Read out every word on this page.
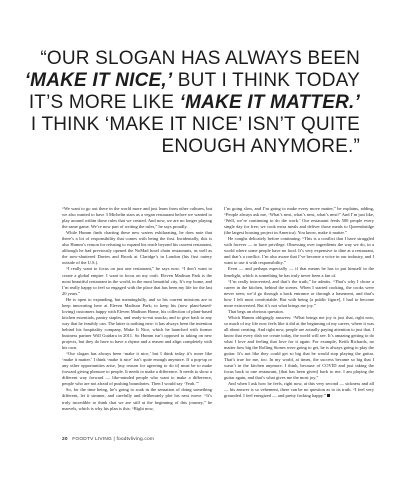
“OUR SLOGAN HAS ALWAYS BEEN
‘MAKE IT NICE,’ BUT I THINK TODAY
IT’S MORE LIKE ‘MAKE IT MATTER.’
I THINK ‘MAKE IT NICE’ ISN’T QUITE
ENOUGH ANYMORE.”

“We want to go out there in the world more and just learn from other cultures, but we also wanted to have 3 Michelin stars as a vegan restaurant before we wanted to play around within those rules that we created. And now, we are no longer playing the same game. We’re now part of writing the rules,” he says proudly.

While Humm finds charting these new waters exhilarating, he does note that there’s a lot of responsibility that comes with being the first. Incidentally, this is also Humm’s reason for refusing to expand his reach beyond his current restaurant, although he had previously opened the NoMad hotel chain restaurants, as well as the now-shuttered Davies and Brook at Claridge’s in London (his first outery outside of the U.S.).

“I really want to focus on just one restaurant,” he says now. “I don’t want to create a global empire. I want to focus on my craft. Eleven Madison Park is the most beautiful restaurant in the world, in the most beautiful city. It’s my home, and I’m really happy to feel so engaged with the place that has been my life for the last 20 years.”

He is open to expanding, but meaningfully, and so his current missions are to keep innovating here at Eleven Madison Park; to keep his (now plant-based-loving) customers happy with Eleven Madison Home, his collection of plant-based kitchen essentials, pantry staples, and ready-to-eat snacks; and to give back to any way that he feasibly can. The latter is nothing new: it has always been the intention behind his hospitality company, Make It Nice, which he launched with former business partner Will Guidara in 2011. So Humm isn’t opposed to taking on new projects, but they do have to have a rhyme and a reason and align completely with his own.

“Our slogan has always been ‘make it nice,’ but I think today it’s more like ‘make it matter.’ I think ‘make it nice’ isn’t quite enough anymore. If a pop-up or any other opportunities arise, [my reason for agreeing to do it] must be to make forward giving pleasure to people. It needs to make a difference. It needs to show a different way forward — like-minded people who want to make a difference, people who are not afraid of pushing boundaries. Then I would say ‘Yeah.’”

So, for the time being, he’s going to soak in the sensation of doing something different, let it simmer, and carefully and deliberately plot his next move. “It’s truly incredible to think that we are still at the beginning of this journey,” he marvels, which is why his plan is this: “Right now,

I’m going slow, and I’m going to make every move matter,” he explains, adding, “People always ask me, ‘What’s next, what’s next, what’s next?’ And I’m just like, ‘Well, we’re continuing to do the work.’ Our restaurant feeds 500 people every single day for free; we cook extra meals and deliver those meals to Queensbridge (the largest housing project in America). You know, make it matter.”

He coughs delicately before continuing. “This is a conflict that I have struggled with forever — to have privilege. Obsessing over ingredients the way we do, in a world where some people have no food. It’s very expensive to dine at a restaurant, and that’s a conflict. I’m also aware that I’ve become a voice in our industry, and I want to use it with responsibility.”

Even — and perhaps especially — if that means he has to put himself in the limelight, which is something he has truly never been a fan of.

“I’m really introverted, and that’s the truth,” he admits. “That’s why I chose a career in the kitchen, behind the scenes. When I started cooking, the cooks were never seen; we’d go through a back entrance or through a basement, and that’s how I felt most comfortable. But with being [a public figure], I had to become more extroverted. But it’s not what brings me joy.”

That begs an obvious question.

Which Humm obligingly answers: “What brings me joy is just that, right now, so much of my life now feels like it did at the beginning of my career, where it was all about creating. And right now, people are actually paying attention to just that. I know that every dish we create today, the world will see. It’s amazing getting to do what I love and feeling that love for it again. For example, Keith Richards, no matter how big the Rolling Stones were going to get, he is always going to play the guitar. It’s not like they could get so big that he would stop playing the guitar. That’s true for me, too. In my world, at times, the success became so big that I wasn’t in the kitchen anymore. I think, because of COVID and just taking the focus back to one restaurant, [that has been given] back to me. I am playing the guitar again, and that’s what gives me the most joy.”

And when I ask how he feels, right now, at this very second — sickness and all — his answer is so vehement, there can be no question as to its truth. “I feel very grounded. I feel energized — and pretty fucking happy.”

20 FOODTV LIVING | foodtvliving.com
